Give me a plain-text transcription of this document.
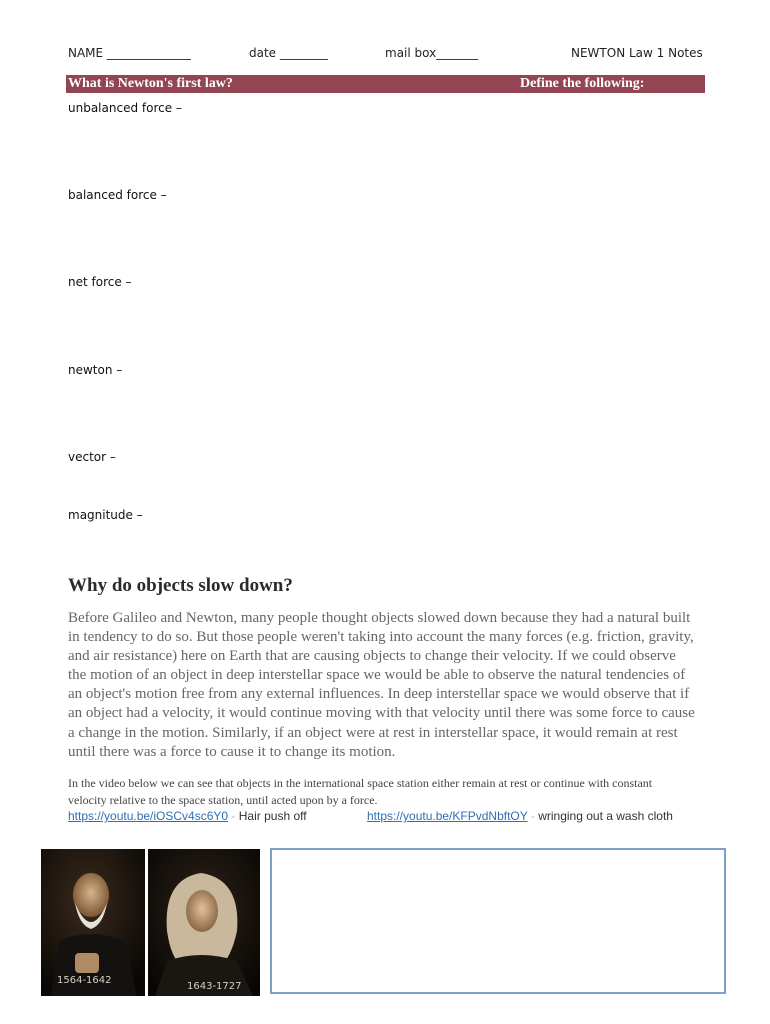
NAME ______________	date ________	mail box_______	NEWTON Law 1 Notes
What is Newton's first law?	Define the following:
unbalanced force –
balanced force –
net force –
newton –
vector –
magnitude –
Why do objects slow down?
Before Galileo and Newton, many people thought objects slowed down because they had a natural built
in tendency to do so. But those people weren't taking into account the many forces (e.g. friction, gravity,
and air resistance) here on Earth that are causing objects to change their velocity. If we could observe
the motion of an object in deep interstellar space we would be able to observe the natural tendencies of
an object's motion free from any external influences. In deep interstellar space we would observe that if
an object had a velocity, it would continue moving with that velocity until there was some force to cause
a change in the motion. Similarly, if an object were at rest in interstellar space, it would remain at rest
until there was a force to cause it to change its motion.
In the video below we can see that objects in the international space station either remain at rest or continue with constant
velocity relative to the space station, until acted upon by a force.
https://youtu.be/iOSCv4sc6Y0 - Hair push off	https://youtu.be/KFPvdNbftOY - wringing out a wash cloth
1564-1642
1643-1727
